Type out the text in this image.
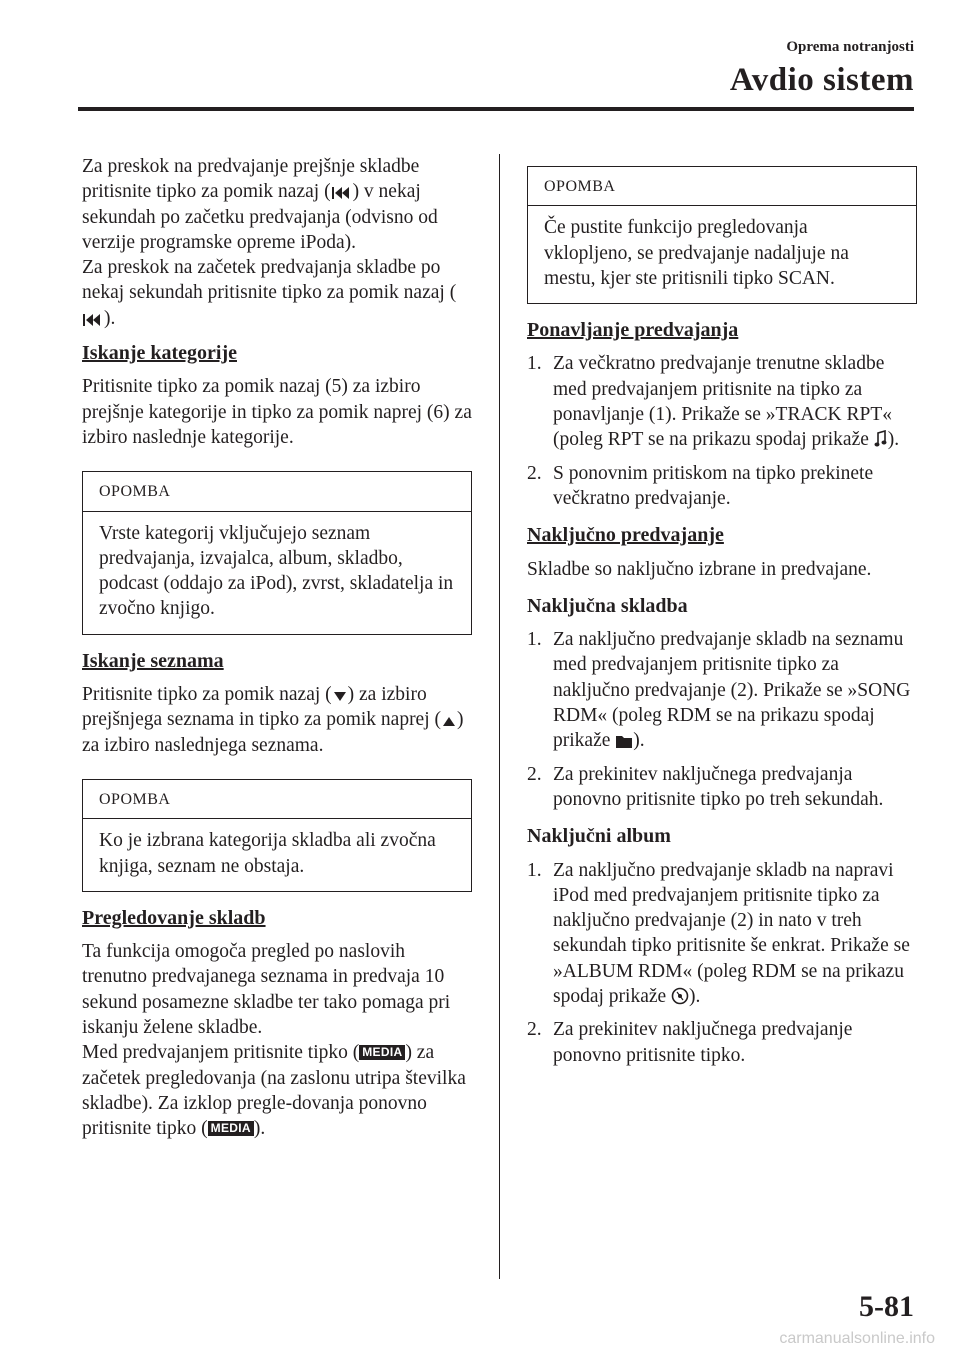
Oprema notranjosti
Avdio sistem

Za preskok na predvajanje prejšnje skladbe pritisnite tipko za pomik nazaj ( ) v nekaj sekundah po začetku predvajanja (odvisno od verzije programske opreme iPoda).
Za preskok na začetek predvajanja skladbe po nekaj sekundah pritisnite tipko za pomik nazaj ().

Iskanje kategorije

Pritisnite tipko za pomik nazaj (5) za izbiro prejšnje kategorije in tipko za pomik naprej (6) za izbiro naslednje kategorije.

OPOMBA
Vrste kategorij vključujejo seznam predvajanja, izvajalca, album, skladbo, podcast (oddajo za iPod), zvrst, skladatelja in zvočno knjigo.

Iskanje seznama

Pritisnite tipko za pomik nazaj ( ) za izbiro prejšnjega seznama in tipko za pomik naprej ( ) za izbiro naslednjega seznama.

OPOMBA
Ko je izbrana kategorija skladba ali zvočna knjiga, seznam ne obstaja.

Pregledovanje skladb

Ta funkcija omogoča pregled po naslovih trenutno predvajanega seznama in predvaja 10 sekund posamezne skladbe ter tako pomaga pri iskanju želene skladbe.
Med predvajanjem pritisnite tipko ( MEDIA ) za začetek pregledovanja (na zaslonu utripa številka skladbe). Za izklop pregle-dovanja ponovno pritisnite tipko ( MEDIA ).

OPOMBA
Če pustite funkcijo pregledovanja vklopljeno, se predvajanje nadaljuje na mestu, kjer ste pritisnili tipko SCAN.

Ponavljanje predvajanja

1. Za večkratno predvajanje trenutne skladbe med predvajanjem pritisnite na tipko za ponavljanje (1). Prikaže se »TRACK RPT« (poleg RPT se na prikazu spodaj prikaže ).
2. S ponovnim pritiskom na tipko prekinete večkratno predvajanje.

Naključno predvajanje

Skladbe so naključno izbrane in predvajane.

Naključna skladba

1. Za naključno predvajanje skladb na seznamu med predvajanjem pritisnite tipko za naključno predvajanje (2). Prikaže se »SONG RDM« (poleg RDM se na prikazu spodaj prikaže ).
2. Za prekinitev naključnega predvajanja ponovno pritisnite tipko po treh sekundah.

Naključni album

1. Za naključno predvajanje skladb na napravi iPod med predvajanjem pritisnite tipko za naključno predvajanje (2) in nato v treh sekundah tipko pritisnite še enkrat. Prikaže se »ALBUM RDM« (poleg RDM se na prikazu spodaj prikaže ).
2. Za prekinitev naključnega predvajanje ponovno pritisnite tipko.
5-81
carmanualsonline.info
